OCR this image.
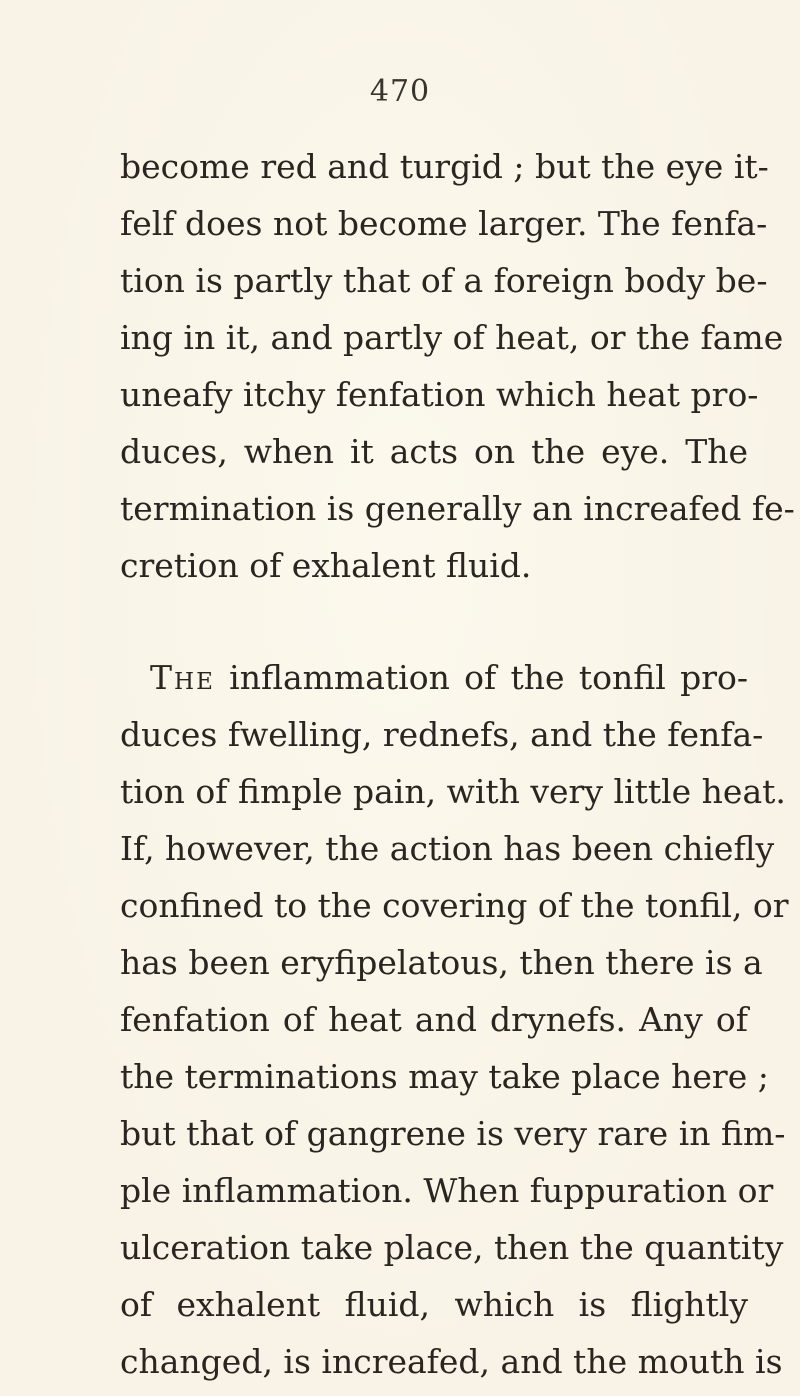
470

become red and turgid ; but the eye it-
felf does not become larger. The fenfa-
tion is partly that of a foreign body be-
ing in it, and partly of heat, or the fame
uneafy itchy fenfation which heat pro-
duces, when it acts on the eye. The
termination is generally an increafed fe-
cretion of exhalent fluid.

The inflammation of the tonfil pro-
duces fwelling, rednefs, and the fenfa-
tion of fimple pain, with very little heat.
If, however, the action has been chiefly
confined to the covering of the tonfil, or
has been eryfipelatous, then there is a
fenfation of heat and drynefs. Any of
the terminations may take place here ;
but that of gangrene is very rare in fim-
ple inflammation. When fuppuration or
ulceration take place, then the quantity
of exhalent fluid, which is flightly
changed, is increafed, and the mouth is
